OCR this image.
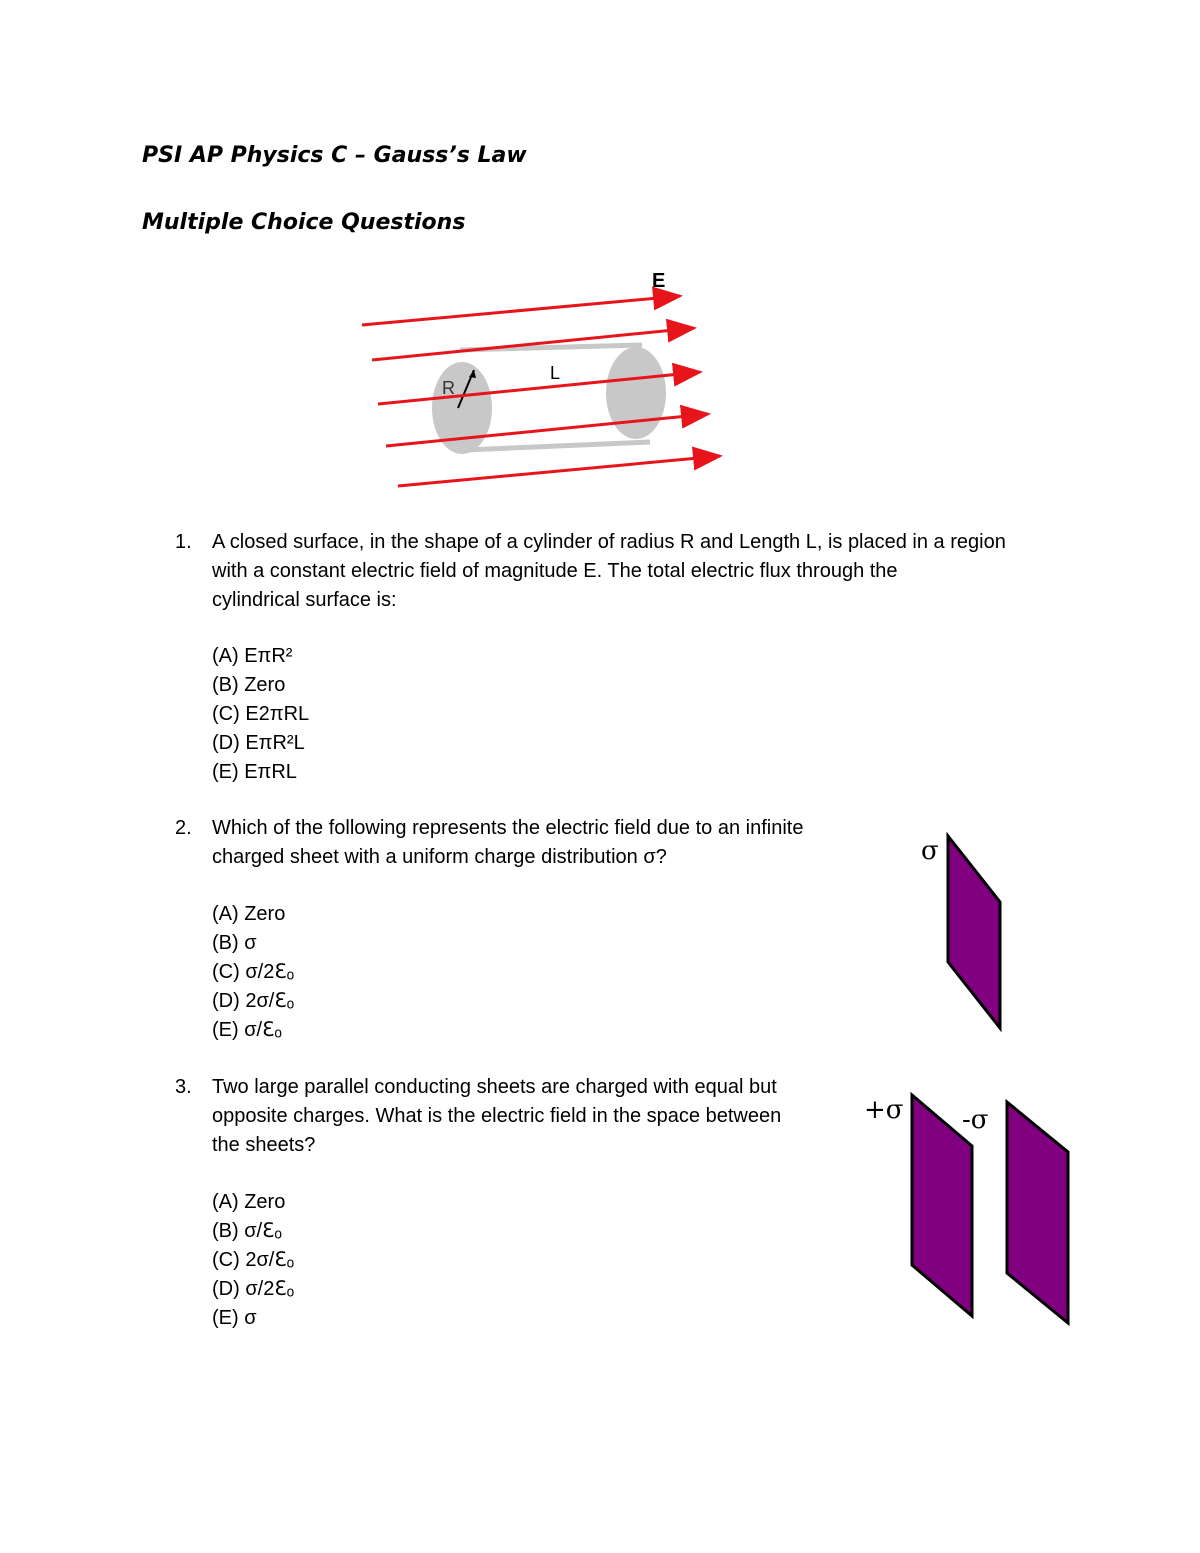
PSI AP Physics C – Gauss’s Law
Multiple Choice Questions
R
L
E
1. A closed surface, in the shape of a cylinder of radius R and Length L, is placed in a region
with a constant electric field of magnitude E. The total electric flux through the
cylindrical surface is:
(A) EπR²
(B) Zero
(C) E2πRL
(D) EπR²L
(E) EπRL
2. Which of the following represents the electric field due to an infinite
charged sheet with a uniform charge distribution σ?
(A) Zero
(B) σ
(C) σ/2ℇₒ
(D) 2σ/ℇₒ
(E) σ/ℇₒ
σ
3. Two large parallel conducting sheets are charged with equal but
opposite charges. What is the electric field in the space between
the sheets?
(A) Zero
(B) σ/ℇₒ
(C) 2σ/ℇₒ
(D) σ/2ℇₒ
(E) σ
+σ -σ
